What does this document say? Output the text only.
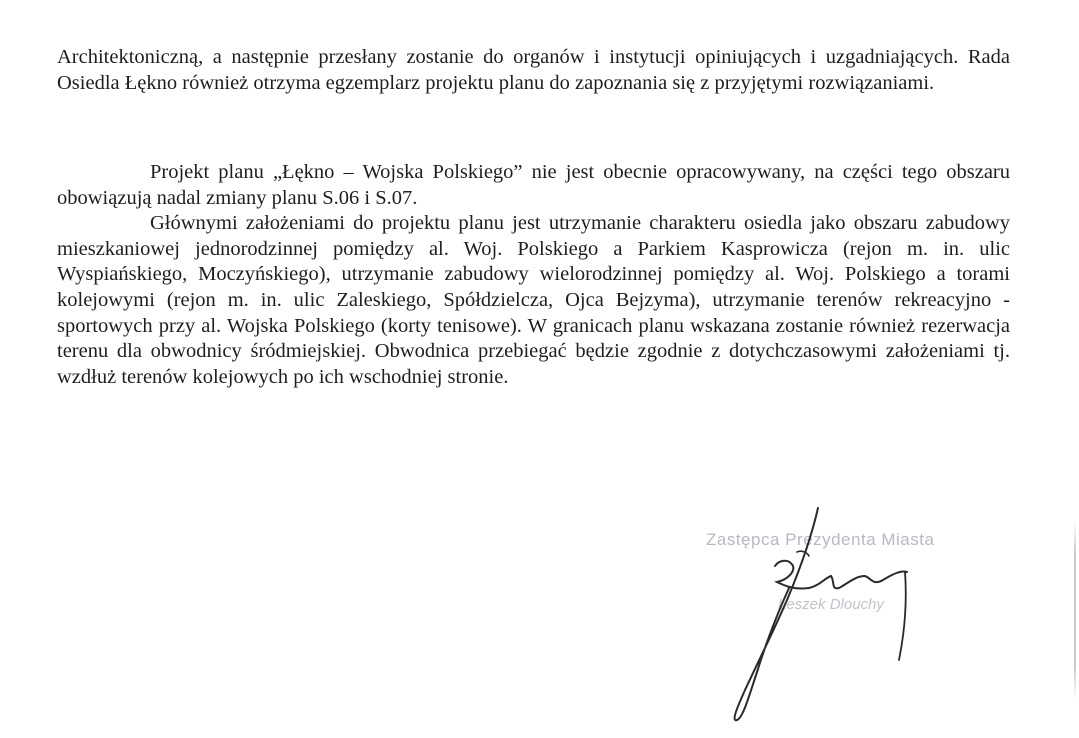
Architektoniczną, a następnie przesłany zostanie do organów i instytucji opiniujących i uzgadniających. Rada Osiedla Łękno również otrzyma egzemplarz projektu planu do zapoznania się z przyjętymi rozwiązaniami.

Projekt planu „Łękno – Wojska Polskiego” nie jest obecnie opracowywany, na części tego obszaru obowiązują nadal zmiany planu S.06 i S.07.

Głównymi założeniami do projektu planu jest utrzymanie charakteru osiedla jako obszaru zabudowy mieszkaniowej jednorodzinnej pomiędzy al. Woj. Polskiego a Parkiem Kasprowicza (rejon m. in. ulic Wyspiańskiego, Moczyńskiego), utrzymanie zabudowy wielorodzinnej pomiędzy al. Woj. Polskiego a torami kolejowymi (rejon m. in. ulic Zaleskiego, Spółdzielcza, Ojca Bejzyma), utrzymanie terenów rekreacyjno - sportowych przy al. Wojska Polskiego (korty tenisowe). W granicach planu wskazana zostanie również rezerwacja terenu dla obwodnicy śródmiejskiej. Obwodnica przebiegać będzie zgodnie z dotychczasowymi założeniami tj. wzdłuż terenów kolejowych po ich wschodniej stronie.

Zastępca Prezydenta Miasta
Leszek Dlouchy
